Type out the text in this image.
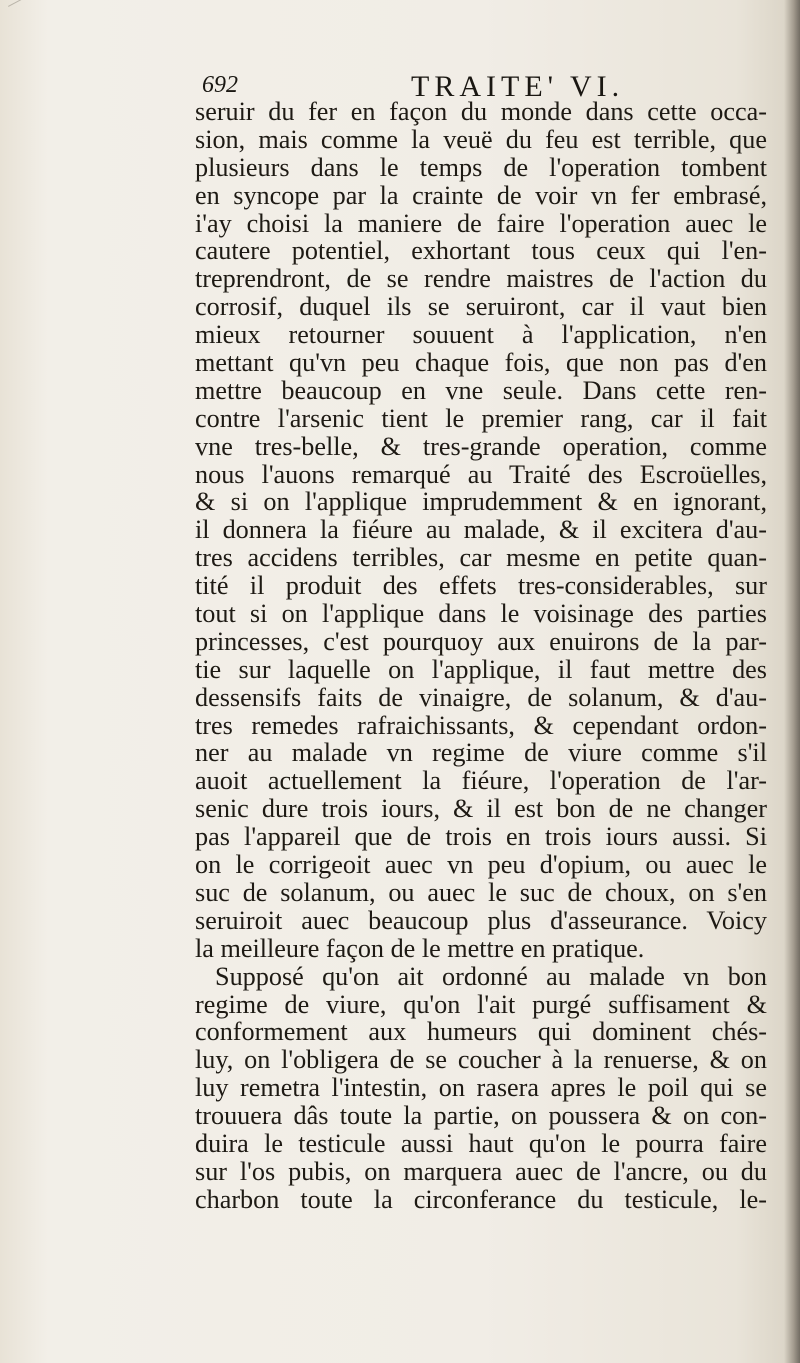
692	TRAITE' VI.
seruir du fer en façon du monde dans cette occa-
sion, mais comme la veuë du feu est terrible, que
plusieurs dans le temps de l'operation tombent
en syncope par la crainte de voir vn fer embrasé,
i'ay choisi la maniere de faire l'operation auec le
cautere potentiel, exhortant tous ceux qui l'en-
treprendront, de se rendre maistres de l'action du
corrosif, duquel ils se seruiront, car il vaut bien
mieux retourner souuent à l'application, n'en
mettant qu'vn peu chaque fois, que non pas d'en
mettre beaucoup en vne seule. Dans cette ren-
contre l'arsenic tient le premier rang, car il fait
vne tres-belle, & tres-grande operation, comme
nous l'auons remarqué au Traité des Escroüelles,
& si on l'applique imprudemment & en ignorant,
il donnera la fiéure au malade, & il excitera d'au-
tres accidens terribles, car mesme en petite quan-
tité il produit des effets tres-considerables, sur
tout si on l'applique dans le voisinage des parties
princesses, c'est pourquoy aux enuirons de la par-
tie sur laquelle on l'applique, il faut mettre des
dessensifs faits de vinaigre, de solanum, & d'au-
tres remedes rafraichissants, & cependant ordon-
ner au malade vn regime de viure comme s'il
auoit actuellement la fiéure, l'operation de l'ar-
senic dure trois iours, & il est bon de ne changer
pas l'appareil que de trois en trois iours aussi. Si
on le corrigeoit auec vn peu d'opium, ou auec le
suc de solanum, ou auec le suc de choux, on s'en
seruiroit auec beaucoup plus d'asseurance. Voicy
la meilleure façon de le mettre en pratique.
Supposé qu'on ait ordonné au malade vn bon
regime de viure, qu'on l'ait purgé suffisament &
conformement aux humeurs qui dominent chés-
luy, on l'obligera de se coucher à la renuerse, & on
luy remetra l'intestin, on rasera apres le poil qui se
trouuera dâs toute la partie, on poussera & on con-
duira le testicule aussi haut qu'on le pourra faire
sur l'os pubis, on marquera auec de l'ancre, ou du
charbon toute la circonferance du testicule, le-
